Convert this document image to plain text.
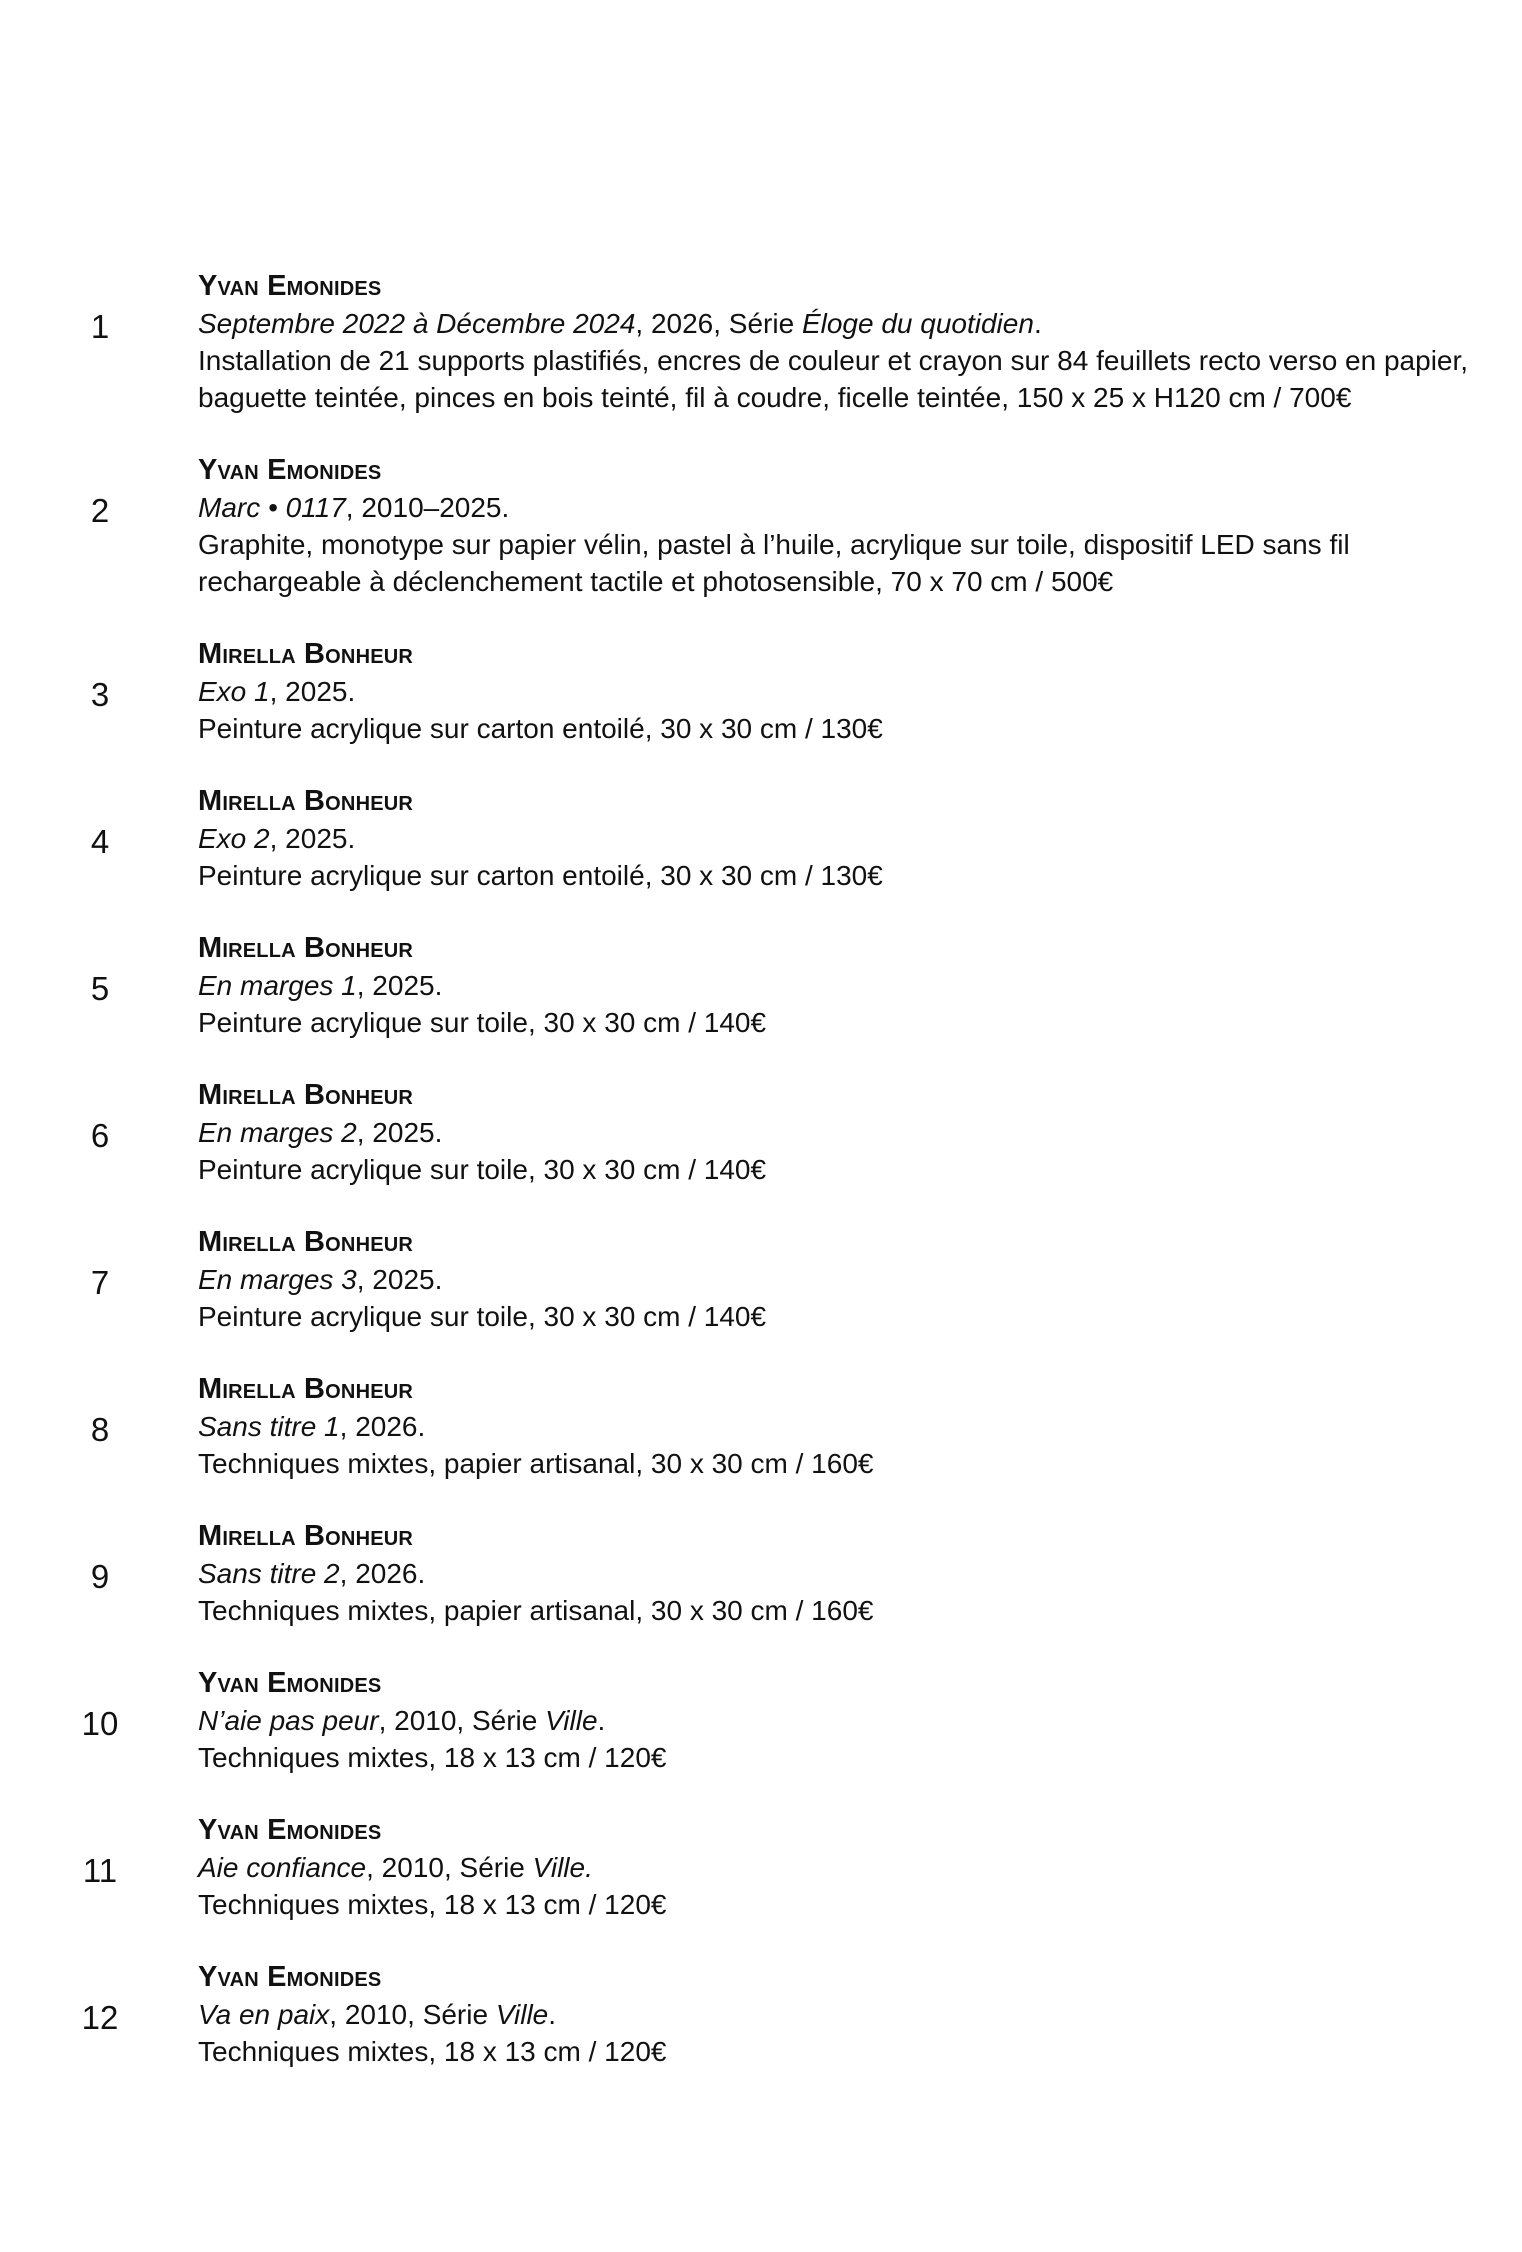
1
Yvan Emonides
Septembre 2022 à Décembre 2024, 2026, Série Éloge du quotidien.
Installation de 21 supports plastifiés, encres de couleur et crayon sur 84 feuillets recto verso en papier, baguette teintée, pinces en bois teinté, fil à coudre, ficelle teintée, 150 x 25 x H120 cm / 700€
2
Yvan Emonides
Marc • 0117, 2010–2025.
Graphite, monotype sur papier vélin, pastel à l’huile, acrylique sur toile, dispositif LED sans fil rechargeable à déclenchement tactile et photosensible, 70 x 70 cm / 500€
3
Mirella Bonheur
Exo 1, 2025.
Peinture acrylique sur carton entoilé, 30 x 30 cm / 130€
4
Mirella Bonheur
Exo 2, 2025.
Peinture acrylique sur carton entoilé, 30 x 30 cm / 130€
5
Mirella Bonheur
En marges 1, 2025.
Peinture acrylique sur toile, 30 x 30 cm / 140€
6
Mirella Bonheur
En marges 2, 2025.
Peinture acrylique sur toile, 30 x 30 cm / 140€
7
Mirella Bonheur
En marges 3, 2025.
Peinture acrylique sur toile, 30 x 30 cm / 140€
8
Mirella Bonheur
Sans titre 1, 2026.
Techniques mixtes, papier artisanal, 30 x 30 cm / 160€
9
Mirella Bonheur
Sans titre 2, 2026.
Techniques mixtes, papier artisanal, 30 x 30 cm / 160€
10
Yvan Emonides
N’aie pas peur, 2010, Série Ville.
Techniques mixtes, 18 x 13 cm / 120€
11
Yvan Emonides
Aie confiance, 2010, Série Ville.
Techniques mixtes, 18 x 13 cm / 120€
12
Yvan Emonides
Va en paix, 2010, Série Ville.
Techniques mixtes, 18 x 13 cm / 120€
